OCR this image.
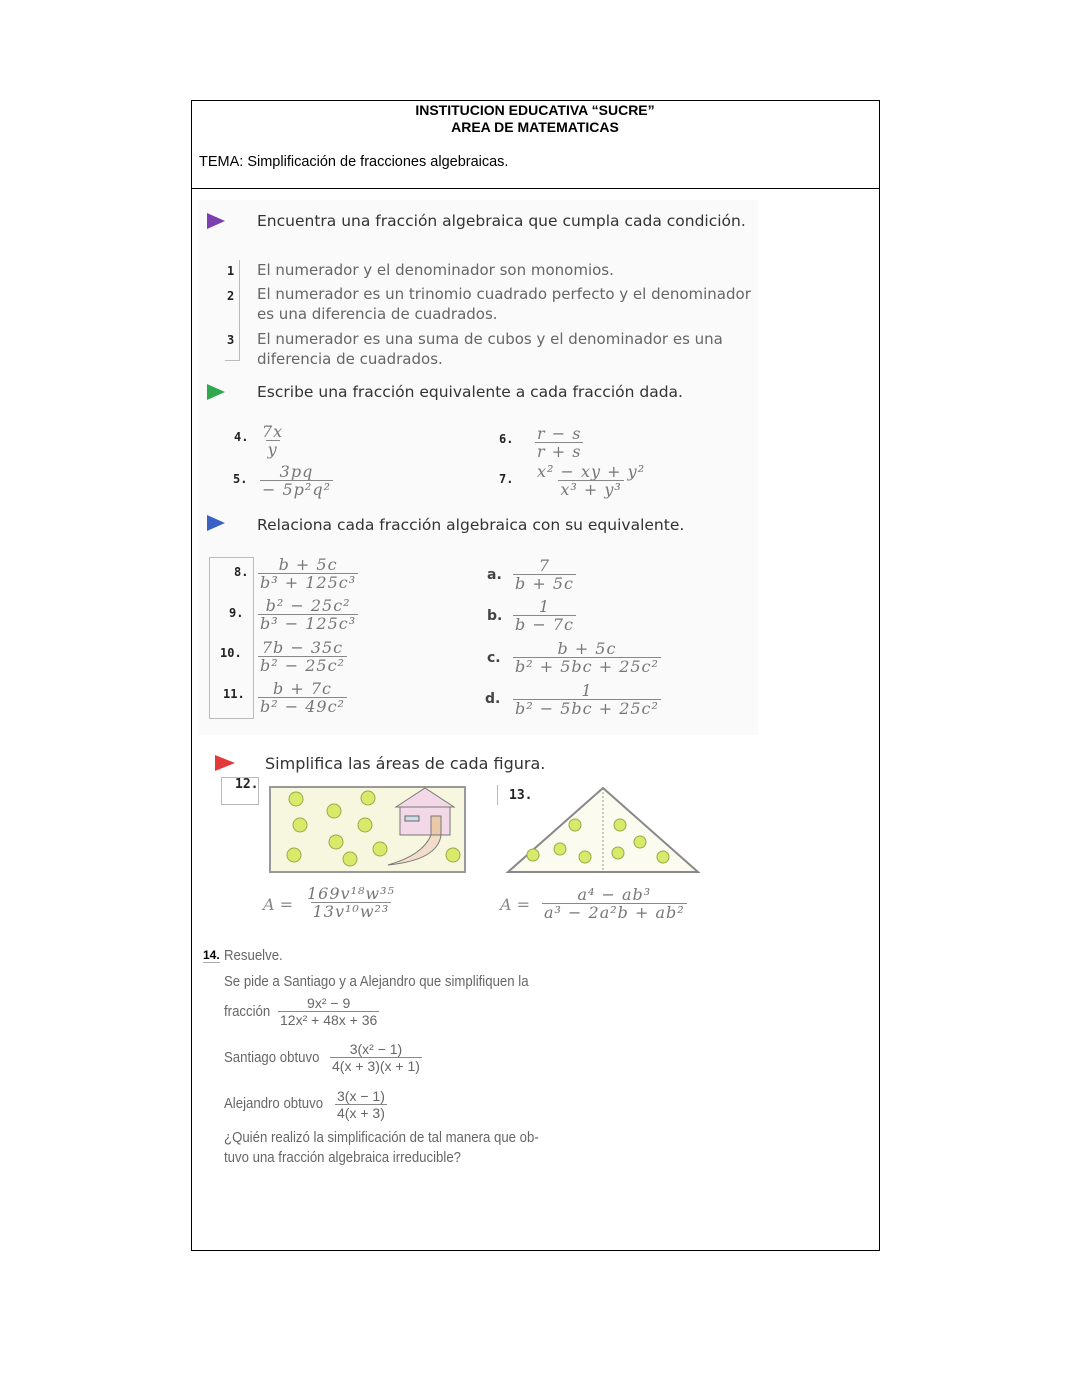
INSTITUCION EDUCATIVA “SUCRE”
AREA DE MATEMATICAS
TEMA: Simplificación de fracciones algebraicas.
Encuentra una fracción algebraica que cumpla cada condición.
1
2
3
El numerador y el denominador son monomios.
El numerador es un trinomio cuadrado perfecto y el denominador es una diferencia de cuadrados.
El numerador es una suma de cubos y el denominador es una diferencia de cuadrados.
Escribe una fracción equivalente a cada fracción dada.
4. $\frac{7x}{y}$
5. $\frac{3pq}{\text{− 5p²q²}}$
6. $\frac{r - s}{r + s}$
7. $\frac{\text{x² − xy + y²}}{\text{x³ + y³}}$
Relaciona cada fracción algebraica con su equivalente.
8. $\frac{b + 5c}{\text{b³ + 125c³}}$
9. $\frac{\text{b² − 25c²}}{\text{b³ − 125c³}}$
10. $\frac{7b - 35c}{\text{b² − 25c²}}$
11. $\frac{b + 7c}{\text{b² − 49c²}}$
a. $\frac{7}{b + 5c}$
b. $\frac{1}{b - 7c}$
c. $\frac{b + 5c}{\text{b² + 5bc + 25c²}}$
d. $\frac{1}{\text{b² − 5bc + 25c²}}$
Simplifica las áreas de cada figura.
12.
13.
$A = \frac{\text{169v¹⁸w³⁵}}{\text{13v¹⁰w²³}}$	$A = \frac{\text{a⁴ − ab³}}{\text{a³ − 2a²b + ab²}}$
14. Resuelve.
Se pide a Santiago y a Alejandro que simplifiquen la
fracción $\frac{\text{9x² − 9}}{\text{12x² + 48x + 36}}$
Santiago obtuvo $\frac{\text{3(x² − 1)}}{4(x + 3)(x + 1)}$
Alejandro obtuvo $\frac{3(x - 1)}{4(x + 3)}$
¿Quién realizó la simplificación de tal manera que ob-
tuvo una fracción algebraica irreducible?
